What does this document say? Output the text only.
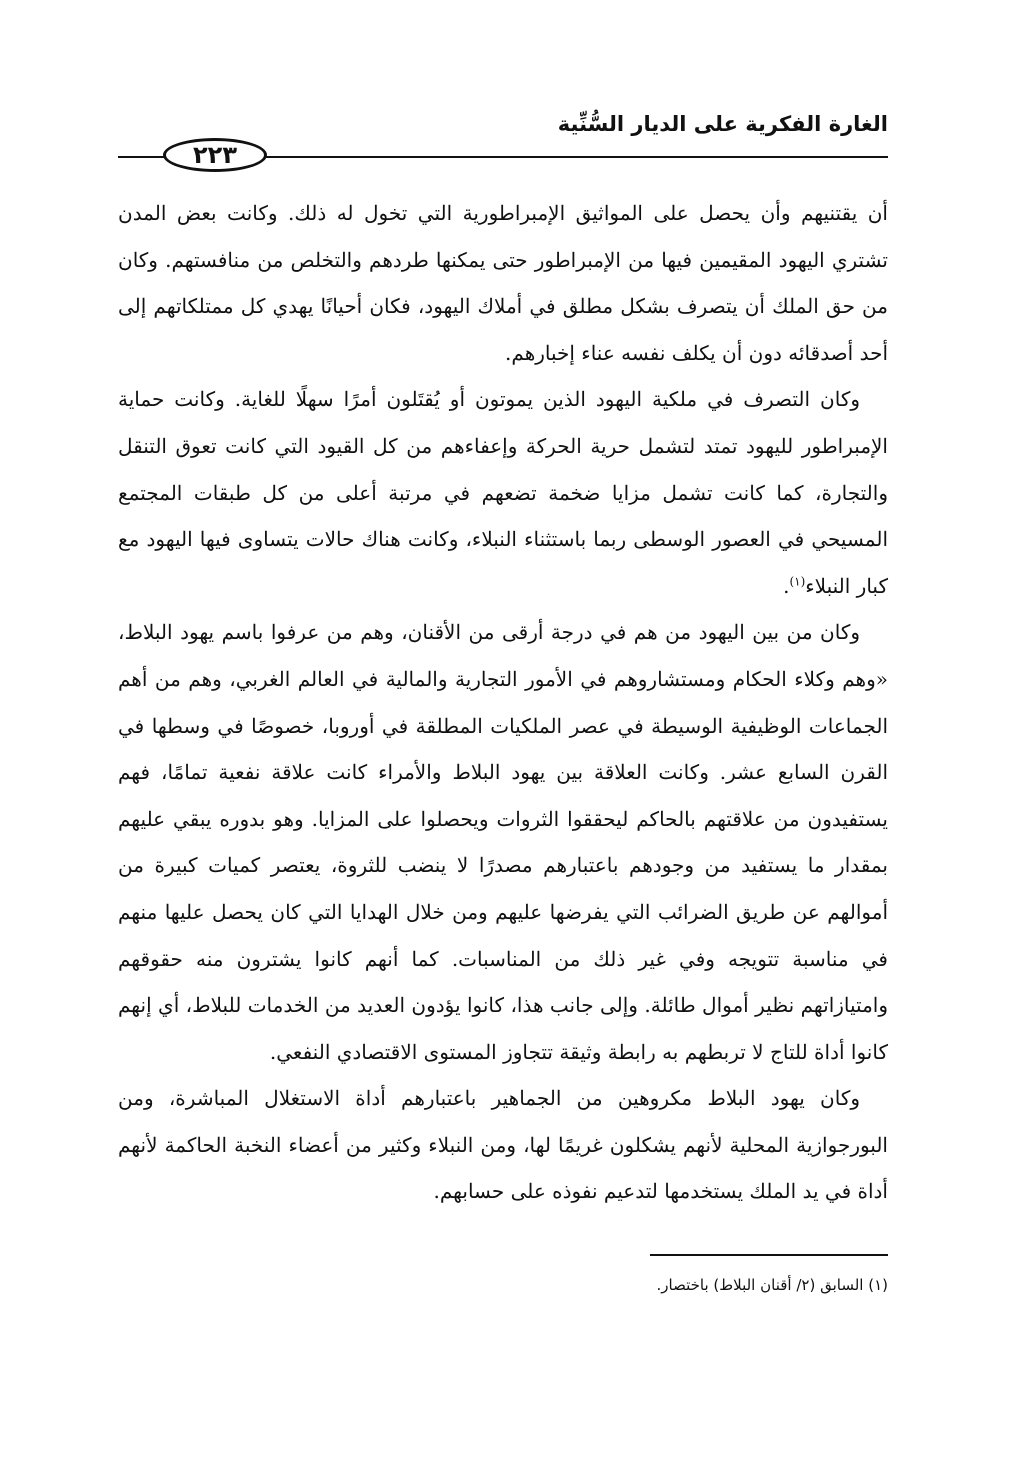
الغارة الفكرية على الديار السُّنِّية
٢٢٣

أن يقتنيهم وأن يحصل على المواثيق الإمبراطورية التي تخول له ذلك. وكانت بعض المدن تشتري اليهود المقيمين فيها من الإمبراطور حتى يمكنها طردهم والتخلص من منافستهم. وكان من حق الملك أن يتصرف بشكل مطلق في أملاك اليهود، فكان أحيانًا يهدي كل ممتلكاتهم إلى أحد أصدقائه دون أن يكلف نفسه عناء إخبارهم.

وكان التصرف في ملكية اليهود الذين يموتون أو يُقتَلون أمرًا سهلًا للغاية. وكانت حماية الإمبراطور لليهود تمتد لتشمل حرية الحركة وإعفاءهم من كل القيود التي كانت تعوق التنقل والتجارة، كما كانت تشمل مزايا ضخمة تضعهم في مرتبة أعلى من كل طبقات المجتمع المسيحي في العصور الوسطى ربما باستثناء النبلاء، وكانت هناك حالات يتساوى فيها اليهود مع كبار النبلاء$^{(١)}$.

وكان من بين اليهود من هم في درجة أرقى من الأقنان، وهم من عرفوا باسم يهود البلاط، «وهم وكلاء الحكام ومستشاروهم في الأمور التجارية والمالية في العالم الغربي، وهم من أهم الجماعات الوظيفية الوسيطة في عصر الملكيات المطلقة في أوروبا، خصوصًا في وسطها في القرن السابع عشر. وكانت العلاقة بين يهود البلاط والأمراء كانت علاقة نفعية تمامًا، فهم يستفيدون من علاقتهم بالحاكم ليحققوا الثروات ويحصلوا على المزايا. وهو بدوره يبقي عليهم بمقدار ما يستفيد من وجودهم باعتبارهم مصدرًا لا ينضب للثروة، يعتصر كميات كبيرة من أموالهم عن طريق الضرائب التي يفرضها عليهم ومن خلال الهدايا التي كان يحصل عليها منهم في مناسبة تتويجه وفي غير ذلك من المناسبات. كما أنهم كانوا يشترون منه حقوقهم وامتيازاتهم نظير أموال طائلة. وإلى جانب هذا، كانوا يؤدون العديد من الخدمات للبلاط، أي إنهم كانوا أداة للتاج لا تربطهم به رابطة وثيقة تتجاوز المستوى الاقتصادي النفعي.

وكان يهود البلاط مكروهين من الجماهير باعتبارهم أداة الاستغلال المباشرة، ومن البورجوازية المحلية لأنهم يشكلون غريمًا لها، ومن النبلاء وكثير من أعضاء النخبة الحاكمة لأنهم أداة في يد الملك يستخدمها لتدعيم نفوذه على حسابهم.

(١) السابق (٢/ أقنان البلاط) باختصار.
